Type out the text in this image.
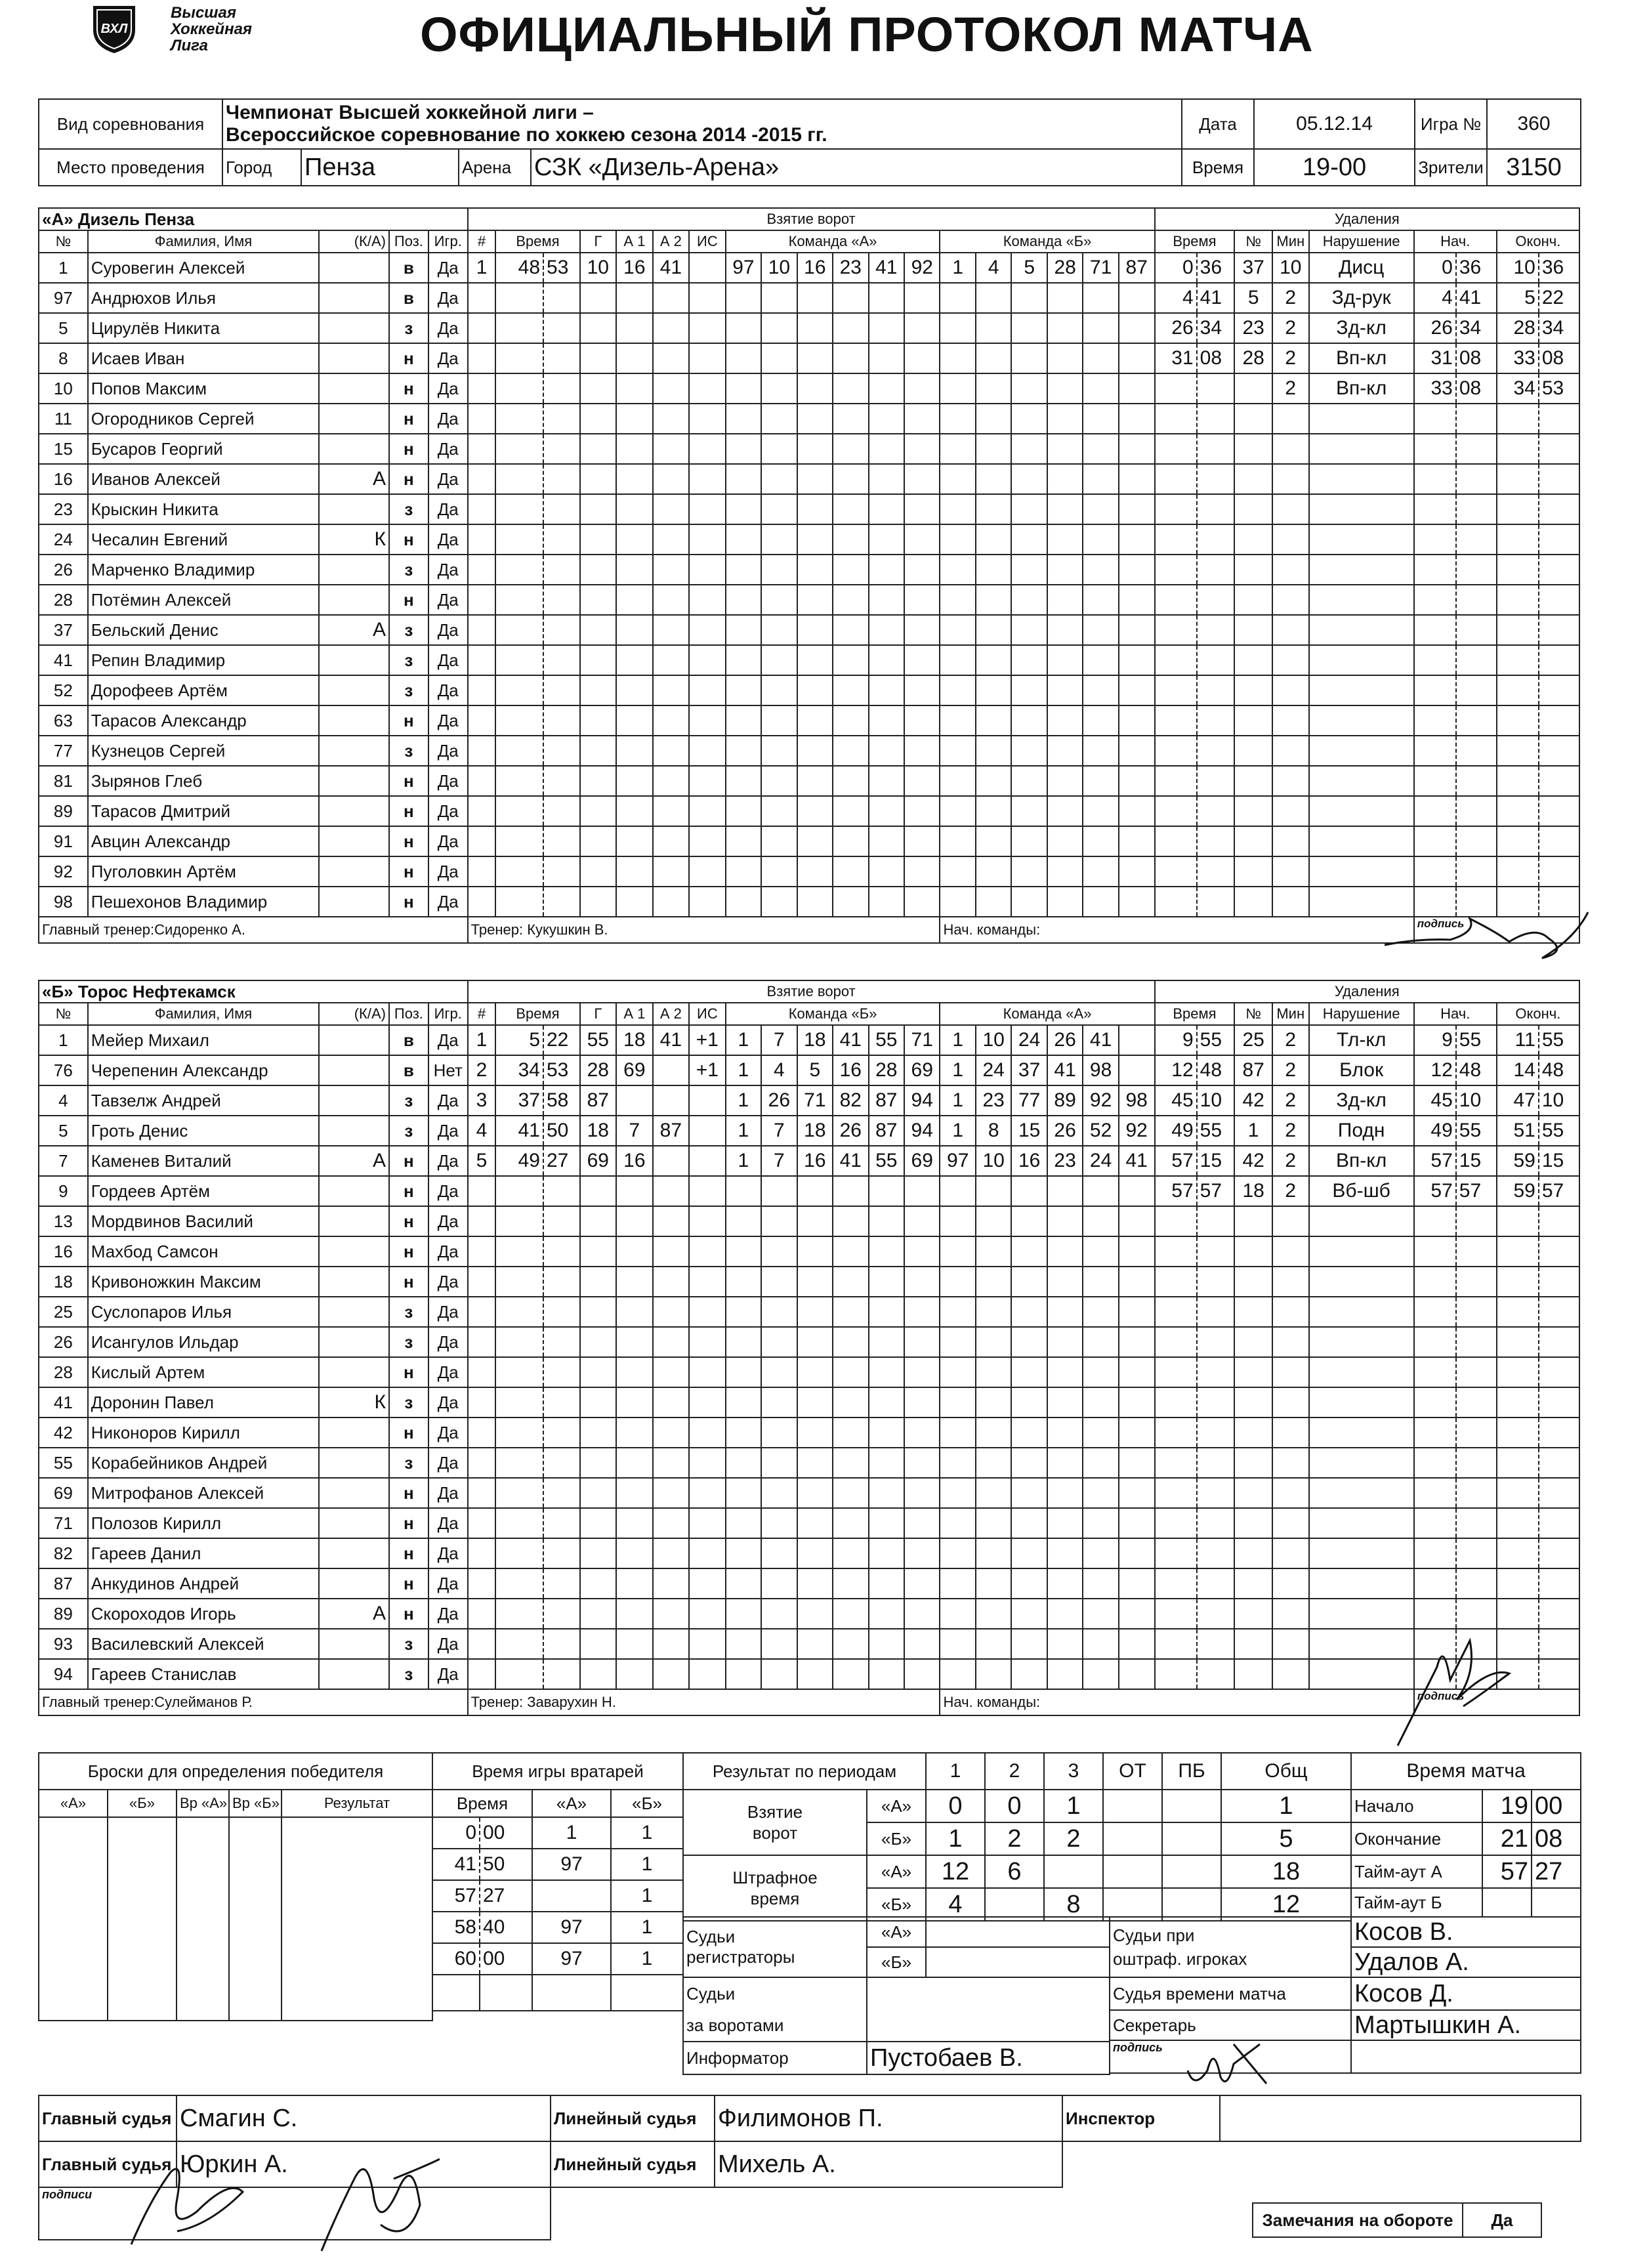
ВХЛ
Высшая
Хоккейная
Лига	ОФИЦИАЛЬНЫЙ ПРОТОКОЛ МАТЧА
Вид соревнования	Чемпионат Высшей хоккейной лиги –
Всероссийское соревнование по хоккею сезона 2014 -2015 гг.				Дата	05.12.14	Игра №	360
Место проведения	Город	Пенза	Арена	СЗК «Дизель-Арена»	Время	19-00	Зрители	3150
«А» Дизель Пенза					Взятие ворот																			Удаления								
№	Фамилия, Имя	(К/А)	Поз.	Игр.	#	Время		Г	А 1	А 2	ИС	Команда «А»						Команда «Б»						Время		№	Мин	Нарушение	Нач.		Оконч.	
1	Суровегин Алексей		в	Да	1	48	53	10	16	41		97	10	16	23	41	92	1	4	5	28	71	87	0	36	37	10	Дисц	0	36	10	36
97	Андрюхов Илья		в	Да																				4	41	5	2	Зд-рук	4	41	5	22
5	Цирулёв Никита		з	Да																				26	34	23	2	Зд-кл	26	34	28	34
8	Исаев Иван		н	Да																				31	08	28	2	Вп-кл	31	08	33	08
10	Попов Максим		н	Да																							2	Вп-кл	33	08	34	53
11	Огородников Сергей		н	Да																												
15	Бусаров Георгий		н	Да																												
16	Иванов Алексей	А	н	Да																												
23	Крыскин Никита		з	Да																												
24	Чесалин Евгений	К	н	Да																												
26	Марченко Владимир		з	Да																												
28	Потёмин Алексей		н	Да																												
37	Бельский Денис	А	з	Да																												
41	Репин Владимир		з	Да																												
52	Дорофеев Артём		з	Да																												
63	Тарасов Александр		н	Да																												
77	Кузнецов Сергей		з	Да																												
81	Зырянов Глеб		н	Да																												
89	Тарасов Дмитрий		н	Да																												
91	Авцин Александр		н	Да																												
92	Пуголовкин Артём		н	Да																												
98	Пешехонов Владимир		н	Да																												
Главный тренер:Сидоренко А.					Тренер: Кукушкин В.													Нач. команды:											подпись			
«Б» Торос Нефтекамск					Взятие ворот																			Удаления								
№	Фамилия, Имя	(К/А)	Поз.	Игр.	#	Время		Г	А 1	А 2	ИС	Команда «Б»						Команда «А»						Время		№	Мин	Нарушение	Нач.		Оконч.	
1	Мейер Михаил		в	Да	1	5	22	55	18	41	+1	1	7	18	41	55	71	1	10	24	26	41		9	55	25	2	Тл-кл	9	55	11	55
76	Черепенин Александр		в	Нет	2	34	53	28	69		+1	1	4	5	16	28	69	1	24	37	41	98		12	48	87	2	Блок	12	48	14	48
4	Тавзелж Андрей		з	Да	3	37	58	87				1	26	71	82	87	94	1	23	77	89	92	98	45	10	42	2	Зд-кл	45	10	47	10
5	Гроть Денис		з	Да	4	41	50	18	7	87		1	7	18	26	87	94	1	8	15	26	52	92	49	55	1	2	Подн	49	55	51	55
7	Каменев Виталий	А	н	Да	5	49	27	69	16			1	7	16	41	55	69	97	10	16	23	24	41	57	15	42	2	Вп-кл	57	15	59	15
9	Гордеев Артём		н	Да																				57	57	18	2	Вб-шб	57	57	59	57
13	Мордвинов Василий		н	Да																												
16	Махбод Самсон		н	Да																												
18	Кривоножкин Максим		н	Да																												
25	Суслопаров Илья		з	Да																												
26	Исангулов Ильдар		з	Да																												
28	Кислый Артем		н	Да																												
41	Доронин Павел	К	з	Да																												
42	Никоноров Кирилл		н	Да																												
55	Корабейников Андрей		з	Да																												
69	Митрофанов Алексей		н	Да																												
71	Полозов Кирилл		н	Да																												
82	Гареев Данил		н	Да																												
87	Анкудинов Андрей		н	Да																												
89	Скороходов Игорь	А	н	Да																												
93	Василевский Алексей		з	Да																												
94	Гареев Станислав		з	Да																												
Главный тренер:Сулейманов Р.					Тренер: Заварухин Н.													Нач. команды:											подпись			
Броски для определения победителя				
«А»	«Б»	Вр «А»	Вр «Б»	Результат

Время игры вратарей			
Время		«А»	«Б»
0	00	1	1
41	50	97	1
57	27		1
58	40	97	1
60	00	97	1

Результат по периодам		1	2	3	ОТ	ПБ	Общ

Взятие
ворот	«А»	0	0	1			1
	«Б»	1	2	2			5

Штрафное
время	«А»	12	6				18
	«Б»	4		8			12
Время матча		
Начало	19	00
Окончание	21	08
Тайм-аут А	57	27
Тайм-аут Б		
Судьи
регистраторы	«А»	
	«Б»	

Судьи
за воротами		

Информатор	Пустобаев В.	
Судьи при
оштраф. игроках	Косов В.
	Удалов А.
Судья времени матча	Косов Д.
Секретарь	Мартышкин А.
подпись	
Главный судья	Смагин С.	Линейный судья	Филимонов П.
Главный судья	Юркин А.	Линейный судья	Михель А.
подписи			
Инспектор	
Замечания на обороте	Да
